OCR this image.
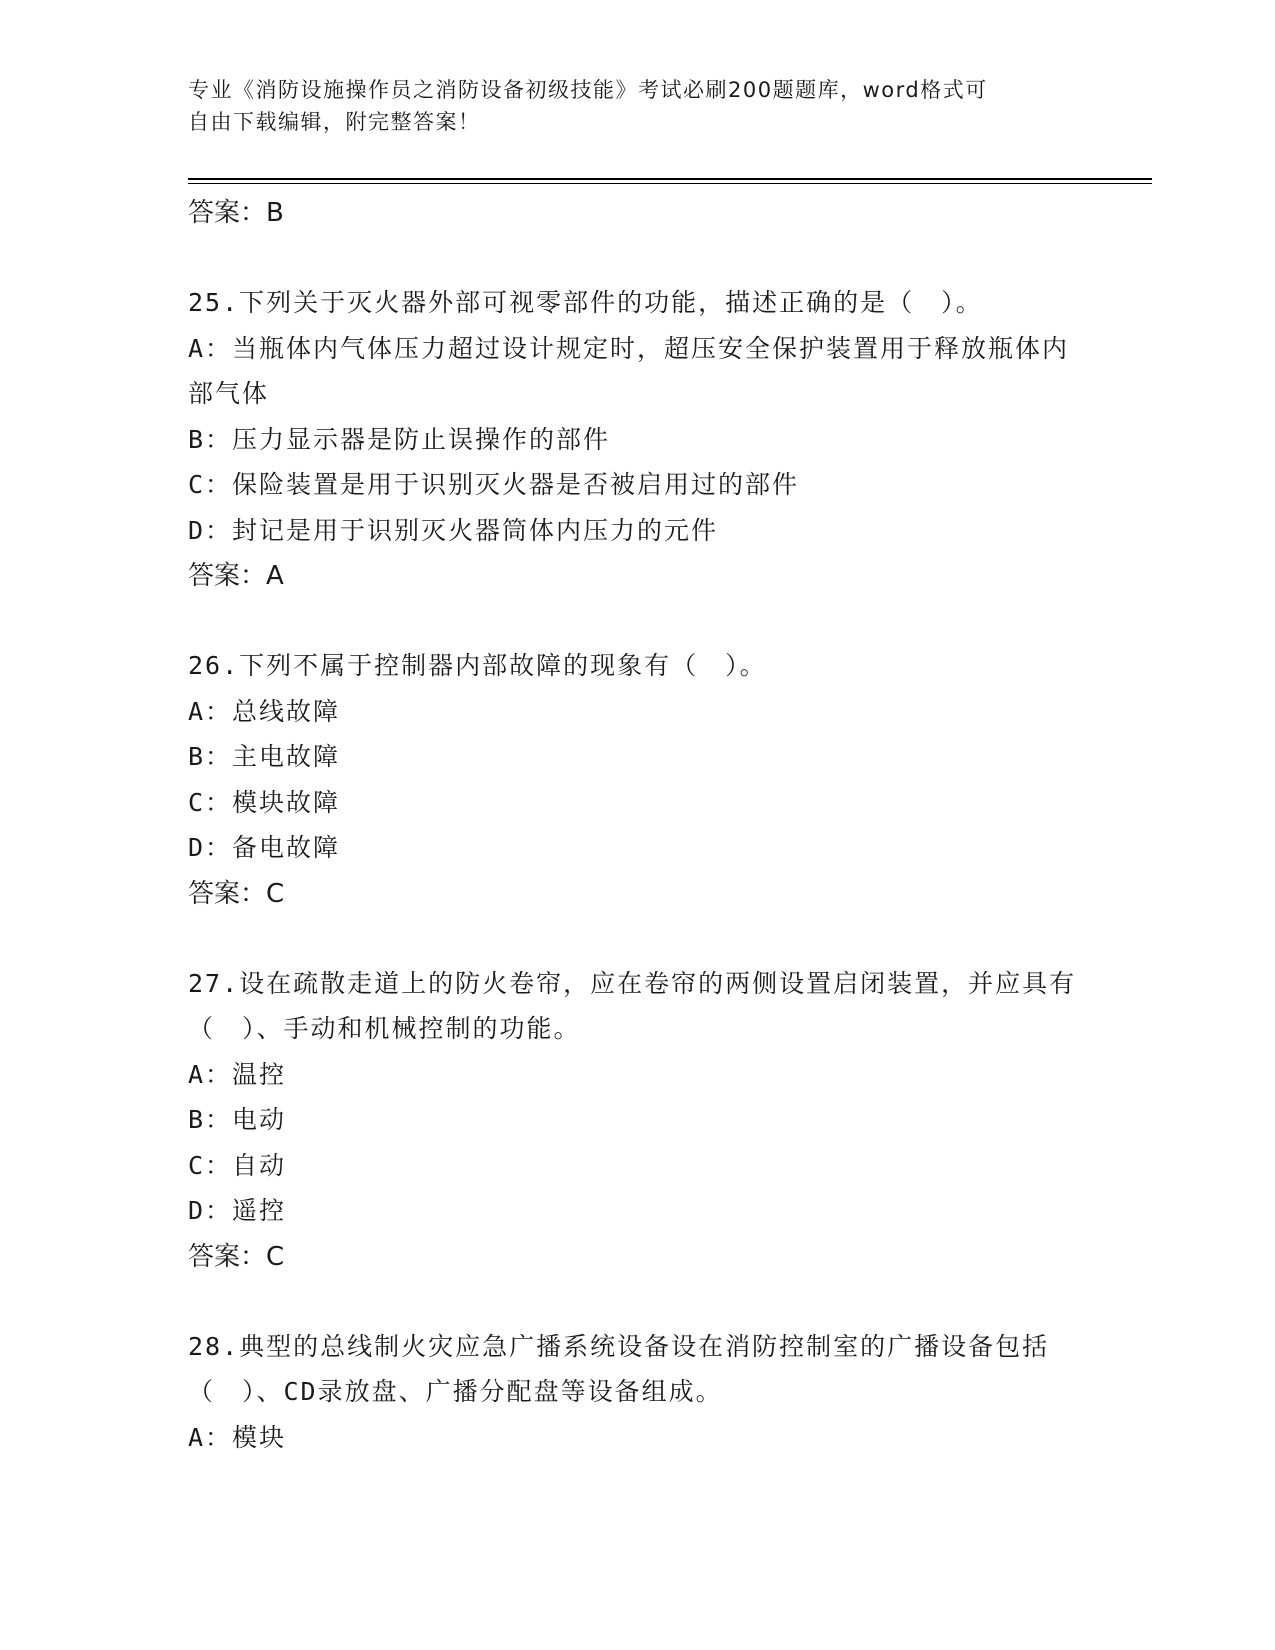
专业《消防设施操作员之消防设备初级技能》考试必刷200题题库，word格式可
自由下载编辑，附完整答案！

答案：B

25.下列关于灭火器外部可视零部件的功能，描述正确的是（　）。

A：当瓶体内气体压力超过设计规定时，超压安全保护装置用于释放瓶体内部气体

B：压力显示器是防止误操作的部件

C：保险装置是用于识别灭火器是否被启用过的部件

D：封记是用于识别灭火器筒体内压力的元件

答案：A

26.下列不属于控制器内部故障的现象有（　）。

A：总线故障

B：主电故障

C：模块故障

D：备电故障

答案：C

27.设在疏散走道上的防火卷帘，应在卷帘的两侧设置启闭装置，并应具有（　）、手动和机械控制的功能。

A：温控

B：电动

C：自动

D：遥控

答案：C

28.典型的总线制火灾应急广播系统设备设在消防控制室的广播设备包括（　）、CD录放盘、广播分配盘等设备组成。

A：模块
